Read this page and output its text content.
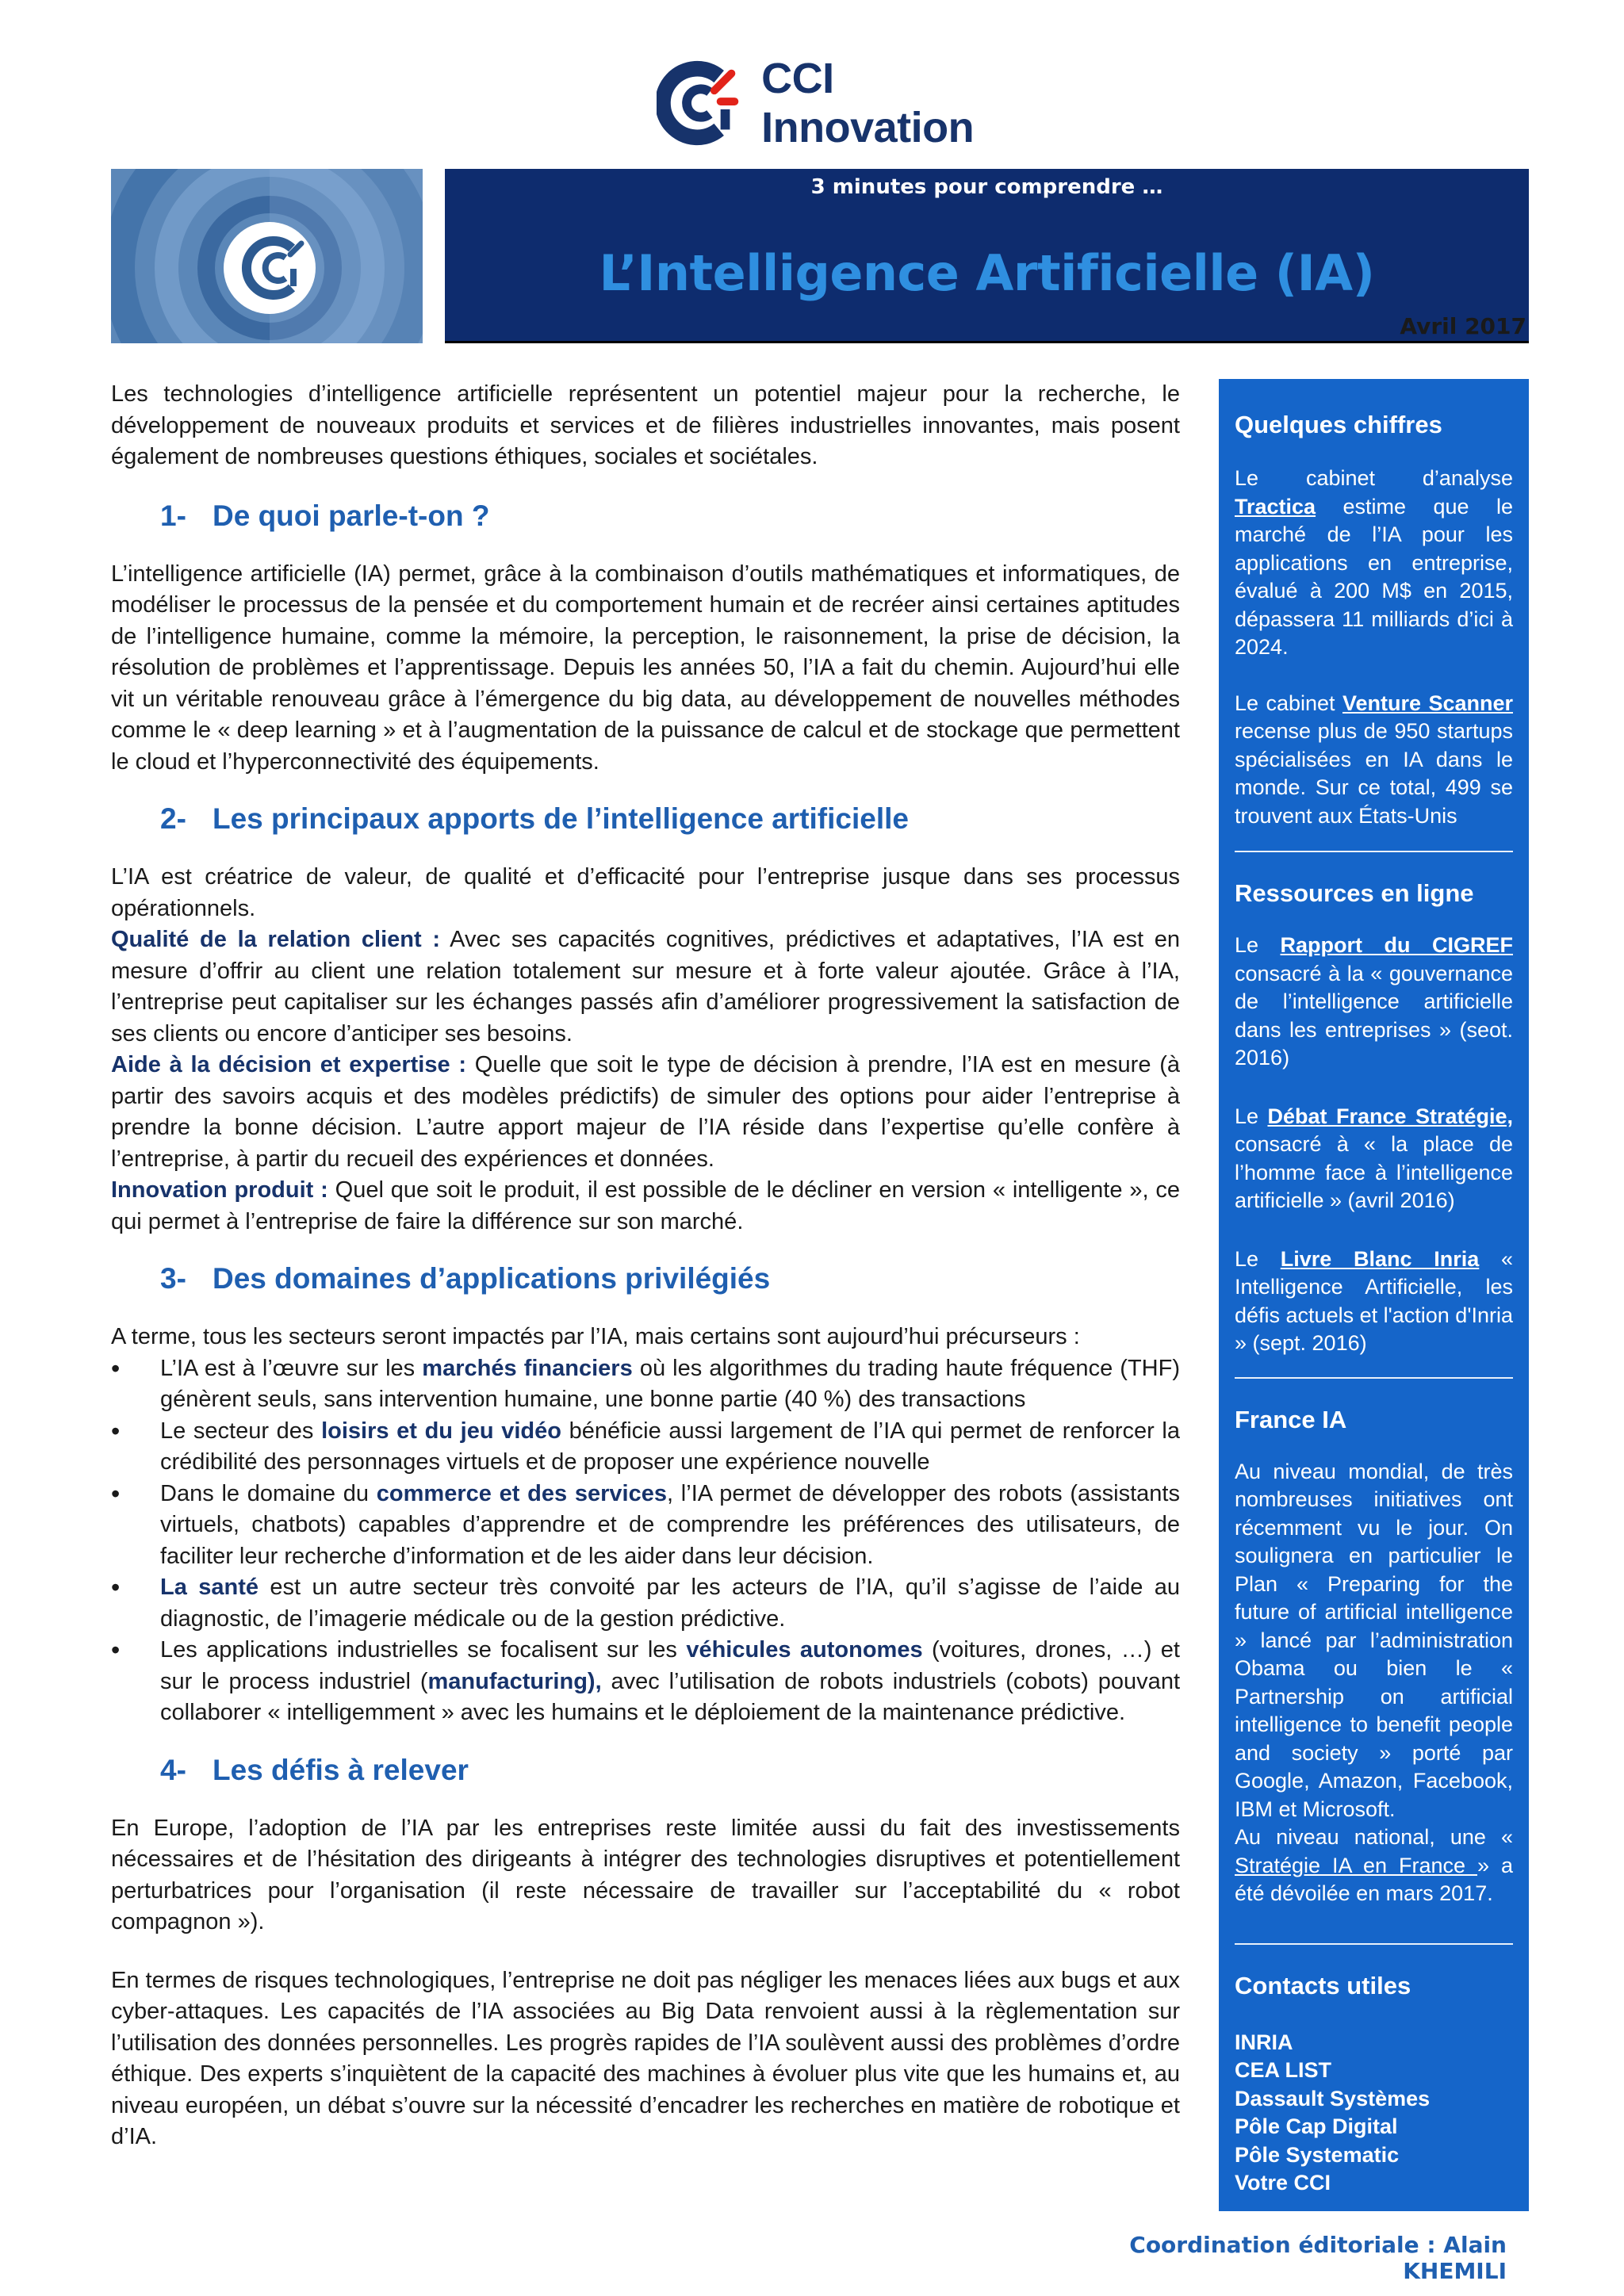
CCI Innovation
3 minutes pour comprendre …
L’Intelligence Artificielle (IA)
Avril 2017

Les technologies d’intelligence artificielle représentent un potentiel majeur pour la recherche, le développement de nouveaux produits et services et de filières industrielles innovantes, mais posent également de nombreuses questions éthiques, sociales et sociétales.

1- De quoi parle-t-on ?

L’intelligence artificielle (IA) permet, grâce à la combinaison d’outils mathématiques et informatiques, de modéliser le processus de la pensée et du comportement humain et de recréer ainsi certaines aptitudes de l’intelligence humaine, comme la mémoire, la perception, le raisonnement, la prise de décision, la résolution de problèmes et l’apprentissage. Depuis les années 50, l’IA a fait du chemin. Aujourd’hui elle vit un véritable renouveau grâce à l’émergence du big data, au développement de nouvelles méthodes comme le « deep learning » et à l’augmentation de la puissance de calcul et de stockage que permettent le cloud et l’hyperconnectivité des équipements.

2- Les principaux apports de l’intelligence artificielle

L’IA est créatrice de valeur, de qualité et d’efficacité pour l’entreprise jusque dans ses processus opérationnels.

Qualité de la relation client : Avec ses capacités cognitives, prédictives et adaptatives, l’IA est en mesure d’offrir au client une relation totalement sur mesure et à forte valeur ajoutée. Grâce à l’IA, l’entreprise peut capitaliser sur les échanges passés afin d’améliorer progressivement la satisfaction de ses clients ou encore d’anticiper ses besoins.

Aide à la décision et expertise : Quelle que soit le type de décision à prendre, l’IA est en mesure (à partir des savoirs acquis et des modèles prédictifs) de simuler des options pour aider l’entreprise à prendre la bonne décision. L’autre apport majeur de l’IA réside dans l’expertise qu’elle confère à l’entreprise, à partir du recueil des expériences et données.

Innovation produit : Quel que soit le produit, il est possible de le décliner en version « intelligente », ce qui permet à l’entreprise de faire la différence sur son marché.

3- Des domaines d’applications privilégiés

A terme, tous les secteurs seront impactés par l’IA, mais certains sont aujourd’hui précurseurs :

• L’IA est à l’œuvre sur les marchés financiers où les algorithmes du trading haute fréquence (THF) génèrent seuls, sans intervention humaine, une bonne partie (40 %) des transactions
• Le secteur des loisirs et du jeu vidéo bénéficie aussi largement de l’IA qui permet de renforcer la crédibilité des personnages virtuels et de proposer une expérience nouvelle
• Dans le domaine du commerce et des services, l’IA permet de développer des robots (assistants virtuels, chatbots) capables d’apprendre et de comprendre les préférences des utilisateurs, de faciliter leur recherche d’information et de les aider dans leur décision.
• La santé est un autre secteur très convoité par les acteurs de l’IA, qu’il s’agisse de l’aide au diagnostic, de l’imagerie médicale ou de la gestion prédictive.
• Les applications industrielles se focalisent sur les véhicules autonomes (voitures, drones, …) et sur le process industriel (manufacturing), avec l’utilisation de robots industriels (cobots) pouvant collaborer « intelligemment » avec les humains et le déploiement de la maintenance prédictive.
4- Les défis à relever

En Europe, l’adoption de l’IA par les entreprises reste limitée aussi du fait des investissements nécessaires et de l’hésitation des dirigeants à intégrer des technologies disruptives et potentiellement perturbatrices pour l’organisation (il reste nécessaire de travailler sur l’acceptabilité du « robot compagnon »).

En termes de risques technologiques, l’entreprise ne doit pas négliger les menaces liées aux bugs et aux cyber-attaques. Les capacités de l’IA associées au Big Data renvoient aussi à la règlementation sur l’utilisation des données personnelles. Les progrès rapides de l’IA soulèvent aussi des problèmes d’ordre éthique. Des experts s’inquiètent de la capacité des machines à évoluer plus vite que les humains et, au niveau européen, un débat s’ouvre sur la nécessité d’encadrer les recherches en matière de robotique et d’IA.

Quelques chiffres

Le cabinet d’analyse Tractica estime que le marché de l’IA pour les applications en entreprise, évalué à 200 M$ en 2015, dépassera 11 milliards d’ici à 2024.

Le cabinet Venture Scanner recense plus de 950 startups spécialisées en IA dans le monde. Sur ce total, 499 se trouvent aux États-Unis

Ressources en ligne

Le Rapport du CIGREF consacré à la « gouvernance de l’intelligence artificielle dans les entreprises » (seot. 2016)

Le Débat France Stratégie, consacré à « la place de l’homme face à l’intelligence artificielle » (avril 2016)

Le Livre Blanc Inria « Intelligence Artificielle, les défis actuels et l'action d'Inria » (sept. 2016)

France IA

Au niveau mondial, de très nombreuses initiatives ont récemment vu le jour. On soulignera en particulier le Plan « Preparing for the future of artificial intelligence » lancé par l’administration Obama ou bien le « Partnership on artificial intelligence to benefit people and society » porté par Google, Amazon, Facebook, IBM et Microsoft.

Au niveau national, une « Stratégie IA en France » a été dévoilée en mars 2017.

Contacts utiles
INRIA
CEA LIST
Dassault Systèmes
Pôle Cap Digital
Pôle Systematic
Votre CCI
Coordination éditoriale : Alain KHEMILI
